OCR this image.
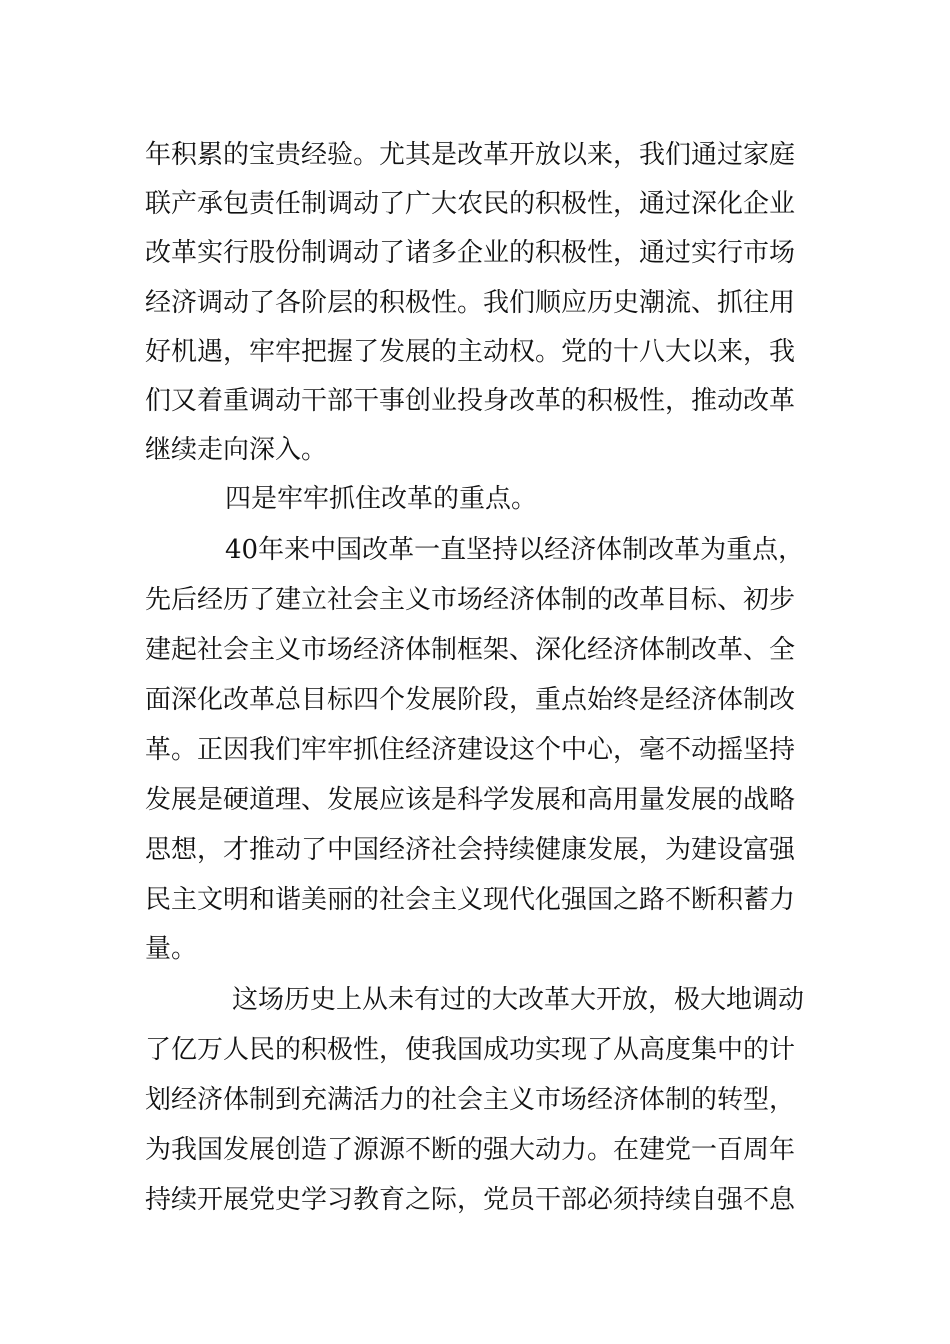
年积累的宝贵经验。尤其是改革开放以来，我们通过家庭

联产承包责任制调动了广大农民的积极性，通过深化企业

改革实行股份制调动了诸多企业的积极性，通过实行市场

经济调动了各阶层的积极性。我们顺应历史潮流、抓往用

好机遇，牢牢把握了发展的主动权。党的十八大以来，我

们又着重调动干部干事创业投身改革的积极性，推动改革

继续走向深入。

四是牢牢抓住改革的重点。

40年来中国改革一直坚持以经济体制改革为重点，

先后经历了建立社会主义市场经济体制的改革目标、初步

建起社会主义市场经济体制框架、深化经济体制改革、全

面深化改革总目标四个发展阶段，重点始终是经济体制改

革。正因我们牢牢抓住经济建设这个中心，毫不动摇坚持

发展是硬道理、发展应该是科学发展和高用量发展的战略

思想，才推动了中国经济社会持续健康发展，为建设富强

民主文明和谐美丽的社会主义现代化强国之路不断积蓄力

量。

这场历史上从未有过的大改革大开放，极大地调动

了亿万人民的积极性，使我国成功实现了从高度集中的计

划经济体制到充满活力的社会主义市场经济体制的转型，

为我国发展创造了源源不断的强大动力。在建党一百周年

持续开展党史学习教育之际，党员干部必须持续自强不息
